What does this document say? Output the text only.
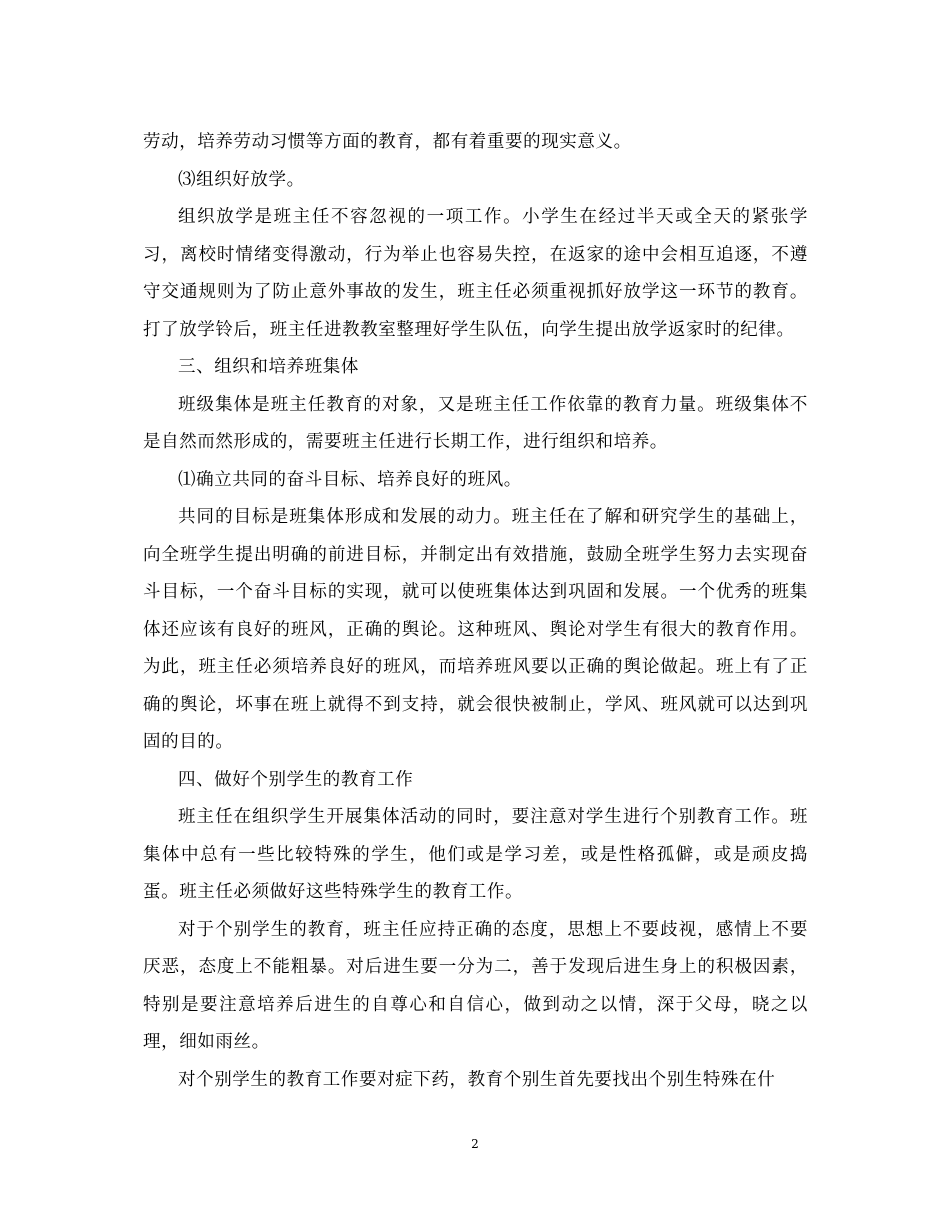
劳动，培养劳动习惯等方面的教育，都有着重要的现实意义。

⑶组织好放学。

组织放学是班主任不容忽视的一项工作。小学生在经过半天或全天的紧张学习，离校时情绪变得激动，行为举止也容易失控，在返家的途中会相互追逐，不遵守交通规则为了防止意外事故的发生，班主任必须重视抓好放学这一环节的教育。打了放学铃后，班主任进教教室整理好学生队伍，向学生提出放学返家时的纪律。

三、组织和培养班集体

班级集体是班主任教育的对象，又是班主任工作依靠的教育力量。班级集体不是自然而然形成的，需要班主任进行长期工作，进行组织和培养。

⑴确立共同的奋斗目标、培养良好的班风。

共同的目标是班集体形成和发展的动力。班主任在了解和研究学生的基础上，向全班学生提出明确的前进目标，并制定出有效措施，鼓励全班学生努力去实现奋斗目标，一个奋斗目标的实现，就可以使班集体达到巩固和发展。一个优秀的班集体还应该有良好的班风，正确的舆论。这种班风、舆论对学生有很大的教育作用。为此，班主任必须培养良好的班风，而培养班风要以正确的舆论做起。班上有了正确的舆论，坏事在班上就得不到支持，就会很快被制止，学风、班风就可以达到巩固的目的。

四、做好个别学生的教育工作

班主任在组织学生开展集体活动的同时，要注意对学生进行个别教育工作。班集体中总有一些比较特殊的学生，他们或是学习差，或是性格孤僻，或是顽皮捣蛋。班主任必须做好这些特殊学生的教育工作。

对于个别学生的教育，班主任应持正确的态度，思想上不要歧视，感情上不要厌恶，态度上不能粗暴。对后进生要一分为二，善于发现后进生身上的积极因素，特别是要注意培养后进生的自尊心和自信心，做到动之以情，深于父母，晓之以理，细如雨丝。

对个别学生的教育工作要对症下药，教育个别生首先要找出个别生特殊在什

2
